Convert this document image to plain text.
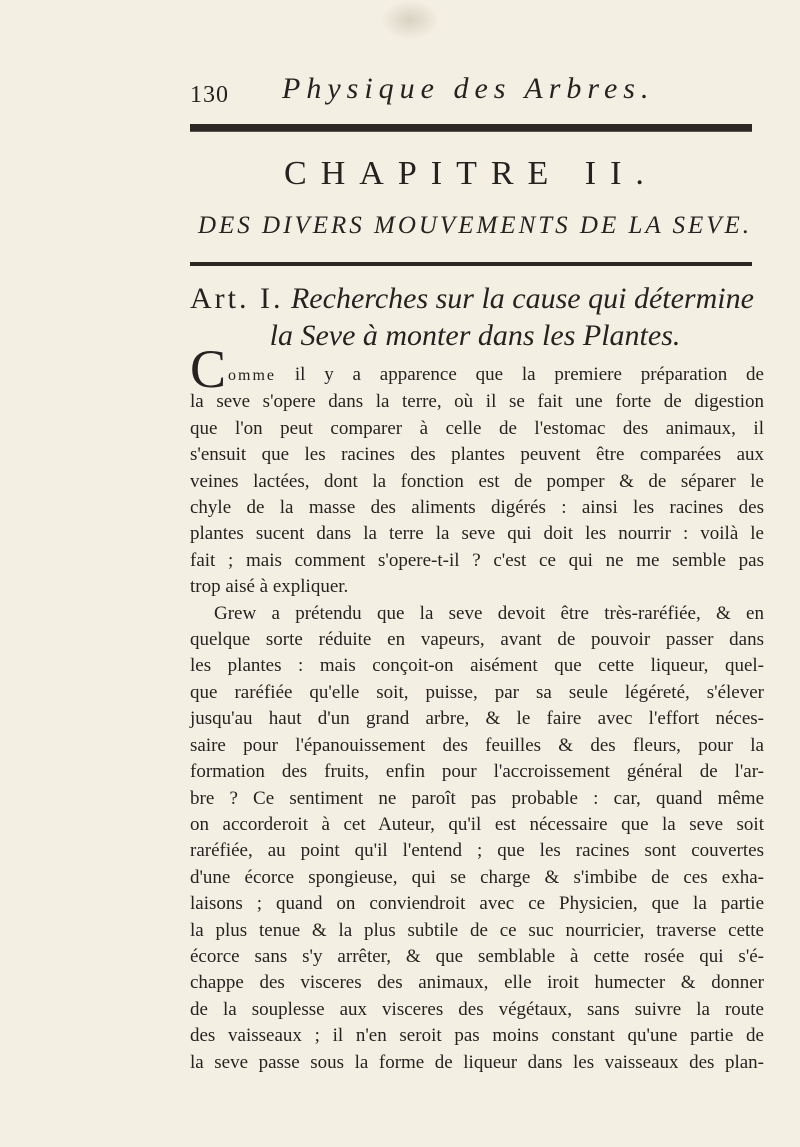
130 Physique des Arbres.
CHAPITRE II.
DES DIVERS MOUVEMENTS DE LA SEVE.
Art. I. Recherches sur la cause qui détermine
la Seve à monter dans les Plantes.
C omme il y a apparence que la premiere préparation de
la seve s'opere dans la terre, où il se fait une forte de digestion
que l'on peut comparer à celle de l'estomac des animaux, il
s'ensuit que les racines des plantes peuvent être comparées aux
veines lactées, dont la fonction est de pomper & de séparer le
chyle de la masse des aliments digérés : ainsi les racines des
plantes sucent dans la terre la seve qui doit les nourrir : voilà le
fait ; mais comment s'opere-t-il ? c'est ce qui ne me semble pas
trop aisé à expliquer.
Grew a prétendu que la seve devoit être très-raréfiée, & en
quelque sorte réduite en vapeurs, avant de pouvoir passer dans
les plantes : mais conçoit-on aisément que cette liqueur, quel-
que raréfiée qu'elle soit, puisse, par sa seule légéreté, s'élever
jusqu'au haut d'un grand arbre, & le faire avec l'effort néces-
saire pour l'épanouissement des feuilles & des fleurs, pour la
formation des fruits, enfin pour l'accroissement général de l'ar-
bre ? Ce sentiment ne paroît pas probable : car, quand même
on accorderoit à cet Auteur, qu'il est nécessaire que la seve soit
raréfiée, au point qu'il l'entend ; que les racines sont couvertes
d'une écorce spongieuse, qui se charge & s'imbibe de ces exha-
laisons ; quand on conviendroit avec ce Physicien, que la partie
la plus tenue & la plus subtile de ce suc nourricier, traverse cette
écorce sans s'y arrêter, & que semblable à cette rosée qui s'é-
chappe des visceres des animaux, elle iroit humecter & donner
de la souplesse aux visceres des végétaux, sans suivre la route
des vaisseaux ; il n'en seroit pas moins constant qu'une partie de
la seve passe sous la forme de liqueur dans les vaisseaux des plan-
